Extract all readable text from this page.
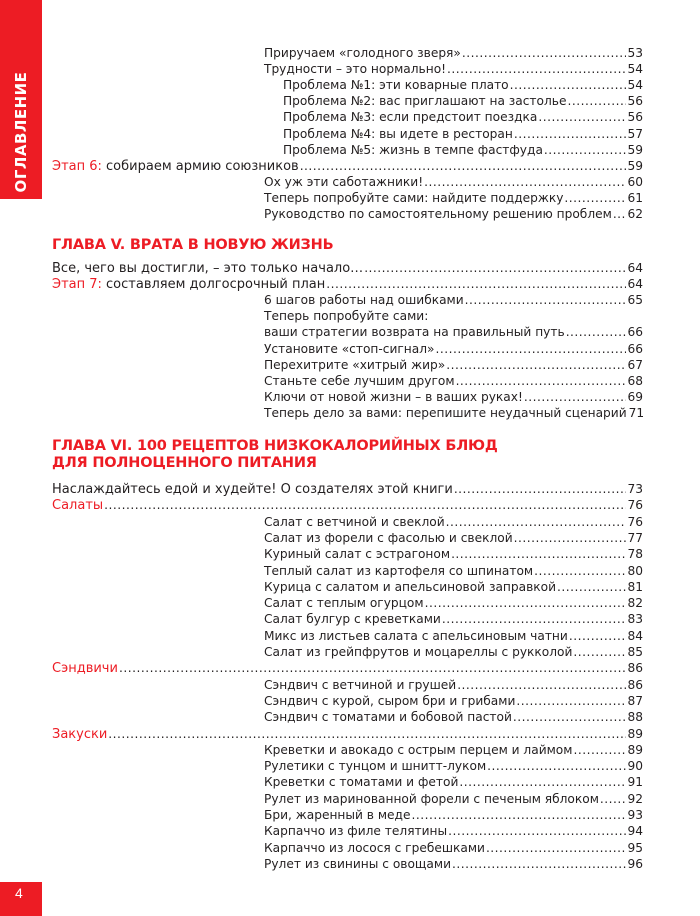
ОГЛАВЛЕНИЕ
ГЛАВА V. ВРАТА В НОВУЮ ЖИЗНЬ
ГЛАВА VI. 100 РЕЦЕПТОВ НИЗКОКАЛОРИЙНЫХ БЛЮД
ДЛЯ ПОЛНОЦЕННОГО ПИТАНИЯ
Приручаем «голодного зверя» .....	53
Трудности – это нормально! .....	54
Проблема №1: эти коварные плато .....	54
Проблема №2: вас приглашают на застолье .....	56
Проблема №3: если предстоит поездка .....	56
Проблема №4: вы идете в ресторан .....	57
Проблема №5: жизнь в темпе фастфуда .....	59
Этап 6: собираем армию союзников .....	59
Ох уж эти саботажники! .....	60
Теперь попробуйте сами: найдите поддержку .....	61
Руководство по самостоятельному решению проблем ..... 62
Все, чего вы достигли, – это только начало… .....	64
Этап 7: составляем долгосрочный план .....	64
6 шагов работы над ошибками .....	65
Теперь попробуйте сами:
ваши стратегии возврата на правильный путь .....	66
Установите «стоп-сигнал» .....	66
Перехитрите «хитрый жир» .....	67
Станьте себе лучшим другом .....	68
Ключи от новой жизни – в ваших руках! .....	69
Теперь дело за вами: перепишите неудачный сценарий 71
Наслаждайтесь едой и худейте! О создателях этой книги .....	73
Салаты .....	76
Салат с ветчиной и свеклой .....	76
Салат из форели с фасолью и свеклой .....	77
Куриный салат с эстрагоном .....	78
Теплый салат из картофеля со шпинатом .....	80
Курица с салатом и апельсиновой заправкой .....	81
Салат с теплым огурцом .....	82
Салат булгур с креветками .....	83
Микс из листьев салата с апельсиновым чатни .....	84
Салат из грейпфрутов и моцареллы с рукколой .....	85
Сэндвичи .....	86
Сэндвич с ветчиной и грушей .....	86
Сэндвич с курой, сыром бри и грибами .....	87
Сэндвич с томатами и бобовой пастой .....	88
Закуски .....	89
Креветки и авокадо с острым перцем и лаймом .....	89
Рулетики с тунцом и шнитт-луком .....	90
Креветки с томатами и фетой .....	91
Рулет из маринованной форели с печеным яблоком ..... 92
Бри, жаренный в меде .....	93
Карпаччо из филе телятины .....	94
Карпаччо из лосося с гребешками .....	95
Рулет из свинины с овощами .....	96
4
